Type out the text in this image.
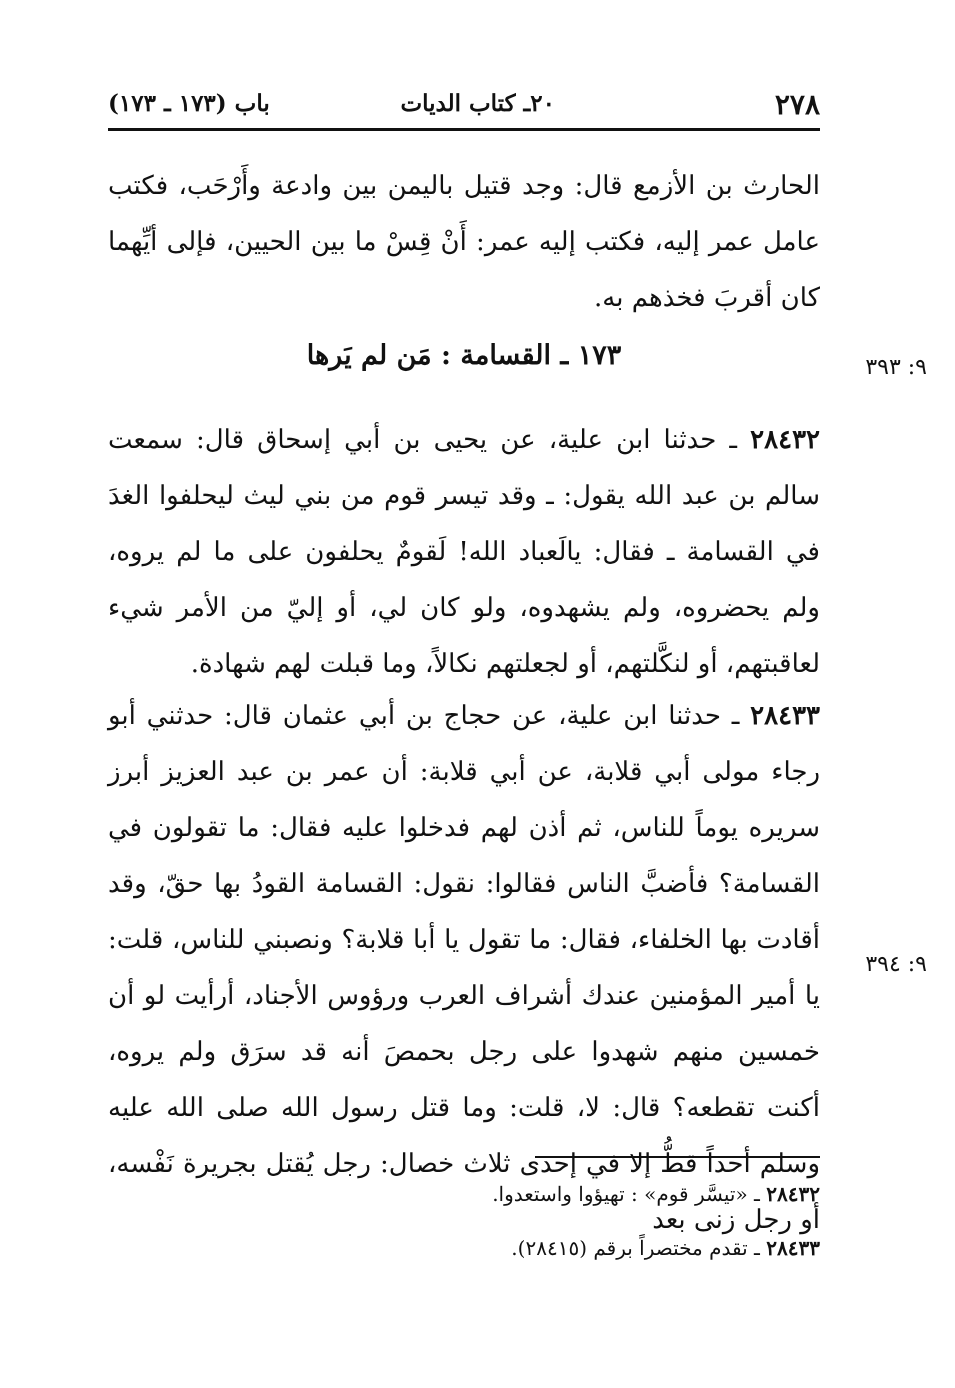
٢٧٨
٢٠ـ كتاب الديات
باب (١٧٣ ـ ١٧٣)

الحارث بن الأزمع قال: وجد قتيل باليمن بين وادعة وأَرْحَب، فكتب عامل عمر إليه، فكتب إليه عمر: أَنْ قِسْ ما بين الحيين، فإلى أيِّهما كان أقربَ فخذهم به.

٩: ٣٩٣
١٧٣ ـ القسامة : مَن لم يَرها

٢٨٤٣٢ ـ حدثنا ابن علية، عن يحيى بن أبي إسحاق قال: سمعت سالم بن عبد الله يقول: ـ وقد تيسر قوم من بني ليث ليحلفوا الغدَ في القسامة ـ فقال: يالَعباد الله! لَقومٌ يحلفون على ما لم يروه، ولم يحضروه، ولم يشهدوه، ولو كان لي، أو إليّ من الأمر شيء لعاقبتهم، أو لنكَّلتهم، أو لجعلتهم نكالاً، وما قبلت لهم شهادة.

٢٨٤٣٣ ـ حدثنا ابن علية، عن حجاج بن أبي عثمان قال: حدثني أبو رجاء مولى أبي قلابة، عن أبي قلابة: أن عمر بن عبد العزيز أبرز سريره يوماً للناس، ثم أذن لهم فدخلوا عليه فقال: ما تقولون في القسامة؟ فأضبَّ الناس فقالوا: نقول: القسامة القودُ بها حقّ، وقد أقادت بها الخلفاء، فقال: ما تقول يا أبا قلابة؟ ونصبني للناس، قلت: يا أمير المؤمنين عندك أشراف العرب ورؤوس الأجناد، أرأيت لو أن خمسين منهم شهدوا على رجل بحمصَ أنه قد سرَق ولم يروه، أكنت تقطعه؟ قال: لا، قلت: وما قتل رسول الله صلى الله عليه وسلم أحداً قطُّ إلا في إحدى ثلاث خصال: رجل يُقتل بجريرة نَفْسه، أو رجل زنى بعد

٩: ٣٩٤
٢٨٤٣٢ ـ «تيسَّر قوم» : تهيؤوا واستعدوا.
٢٨٤٣٣ ـ تقدم مختصراً برقم (٢٨٤١٥).
